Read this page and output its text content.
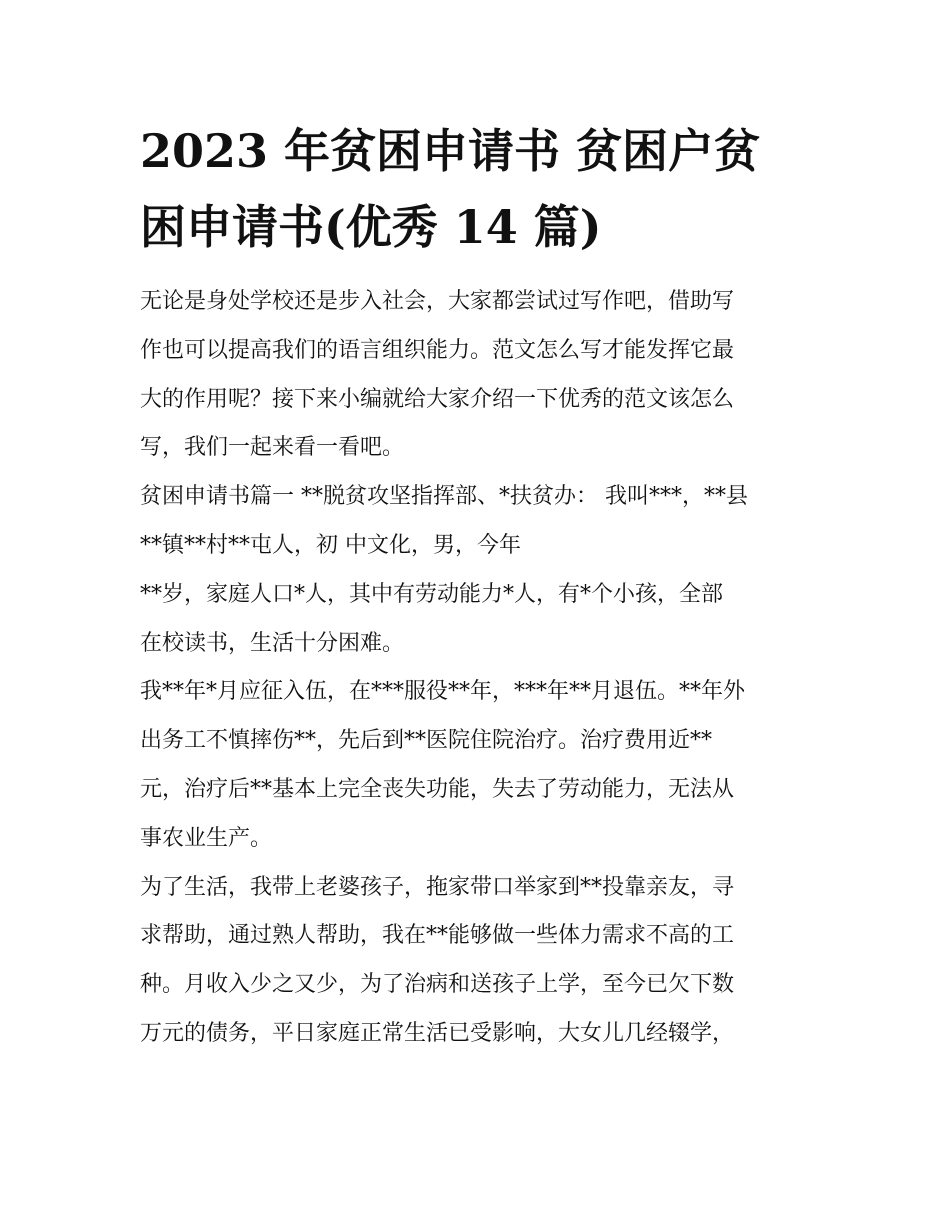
2023 年贫困申请书 贫困户贫
困申请书(优秀 14 篇)
无论是身处学校还是步入社会，大家都尝试过写作吧，借助写
作也可以提高我们的语言组织能力。范文怎么写才能发挥它最
大的作用呢？接下来小编就给大家介绍一下优秀的范文该怎么
写，我们一起来看一看吧。
贫困申请书篇一 **脱贫攻坚指挥部、*扶贫办： 我叫***，**县
**镇**村**屯人，初 中文化，男，今年
**岁，家庭人口*人，其中有劳动能力*人，有*个小孩，全部
在校读书，生活十分困难。
我**年*月应征入伍，在***服役**年，***年**月退伍。**年外
出务工不慎摔伤**，先后到**医院住院治疗。治疗费用近**
元，治疗后**基本上完全丧失功能，失去了劳动能力，无法从
事农业生产。
为了生活，我带上老婆孩子，拖家带口举家到**投靠亲友，寻
求帮助，通过熟人帮助，我在**能够做一些体力需求不高的工
种。月收入少之又少，为了治病和送孩子上学，至今已欠下数
万元的债务，平日家庭正常生活已受影响，大女儿几经辍学，
